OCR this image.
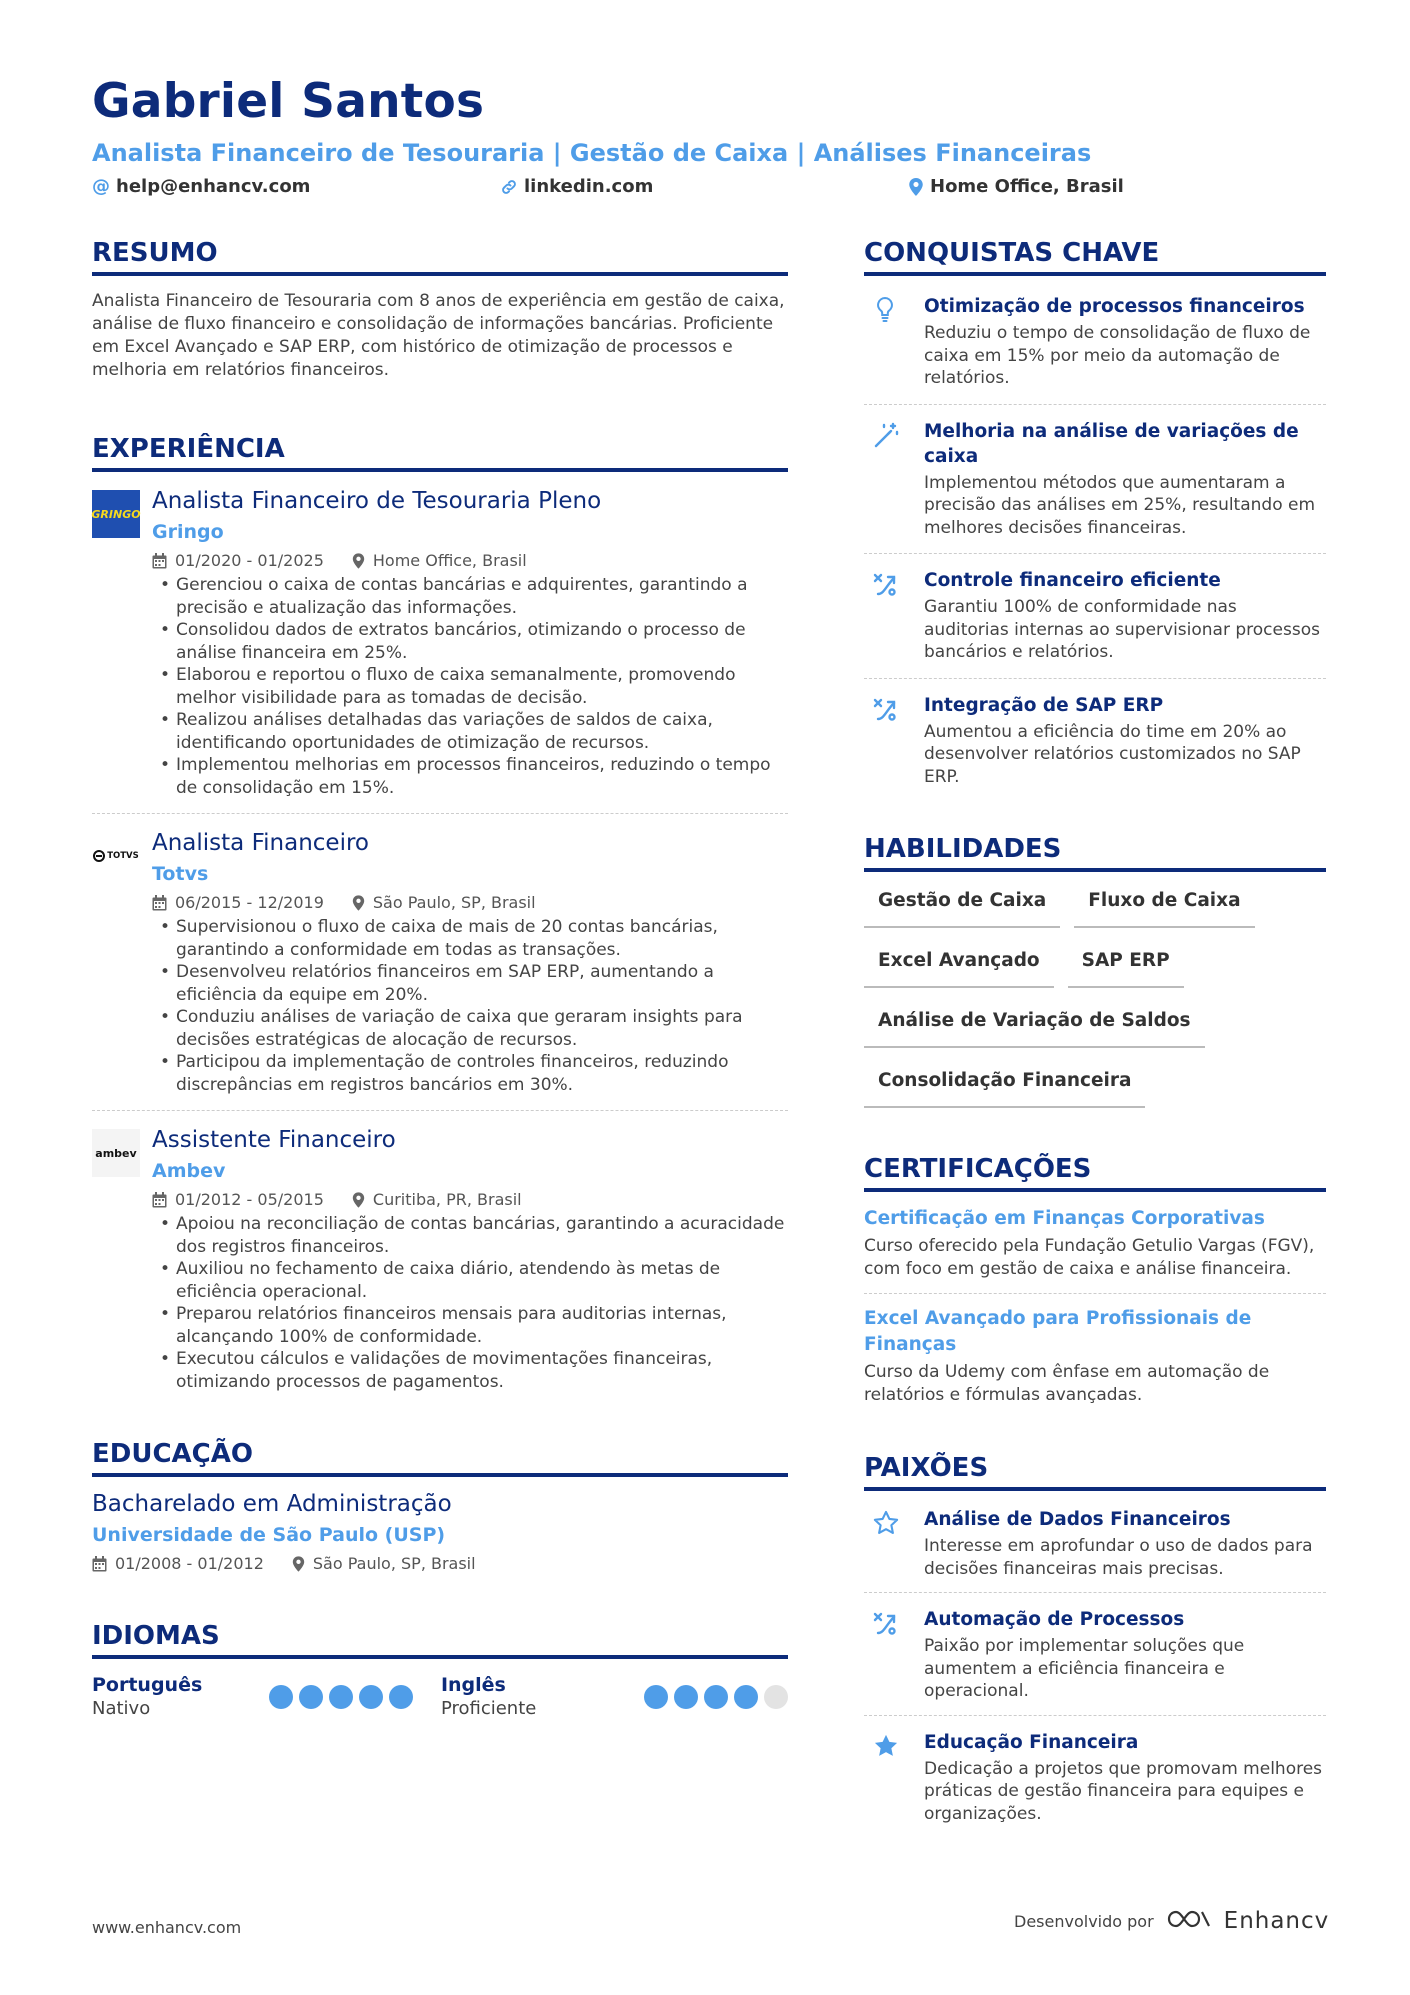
Gabriel Santos
Analista Financeiro de Tesouraria | Gestão de Caixa | Análises Financeiras
@ help@enhancv.com	linkedin.com	Home Office, Brasil
RESUMO
Analista Financeiro de Tesouraria com 8 anos de experiência em gestão de caixa, análise de fluxo financeiro e consolidação de informações bancárias. Proficiente em Excel Avançado e SAP ERP, com histórico de otimização de processos e melhoria em relatórios financeiros.
EXPERIÊNCIA
GRINGO Analista Financeiro de Tesouraria Pleno
Gringo
01/2020 - 01/2025	Home Office, Brasil
• Gerenciou o caixa de contas bancárias e adquirentes, garantindo a precisão e atualização das informações.
• Consolidou dados de extratos bancários, otimizando o processo de análise financeira em 25%.
• Elaborou e reportou o fluxo de caixa semanalmente, promovendo melhor visibilidade para as tomadas de decisão.
• Realizou análises detalhadas das variações de saldos de caixa, identificando oportunidades de otimização de recursos.
• Implementou melhorias em processos financeiros, reduzindo o tempo de consolidação em 15%.
TOTVS Analista Financeiro
Totvs
06/2015 - 12/2019	São Paulo, SP, Brasil
• Supervisionou o fluxo de caixa de mais de 20 contas bancárias, garantindo a conformidade em todas as transações.
• Desenvolveu relatórios financeiros em SAP ERP, aumentando a eficiência da equipe em 20%.
• Conduziu análises de variação de caixa que geraram insights para decisões estratégicas de alocação de recursos.
• Participou da implementação de controles financeiros, reduzindo discrepâncias em registros bancários em 30%.
ambev Assistente Financeiro
Ambev
01/2012 - 05/2015	Curitiba, PR, Brasil
• Apoiou na reconciliação de contas bancárias, garantindo a acuracidade dos registros financeiros.
• Auxiliou no fechamento de caixa diário, atendendo às metas de eficiência operacional.
• Preparou relatórios financeiros mensais para auditorias internas, alcançando 100% de conformidade.
• Executou cálculos e validações de movimentações financeiras, otimizando processos de pagamentos.
EDUCAÇÃO
Bacharelado em Administração
Universidade de São Paulo (USP)
01/2008 - 01/2012	São Paulo, SP, Brasil
IDIOMAS
Português
Nativo
Inglês
Proficiente
CONQUISTAS CHAVE
Otimização de processos financeiros
Reduziu o tempo de consolidação de fluxo de caixa em 15% por meio da automação de relatórios.
Melhoria na análise de variações de caixa
Implementou métodos que aumentaram a precisão das análises em 25%, resultando em melhores decisões financeiras.
Controle financeiro eficiente
Garantiu 100% de conformidade nas auditorias internas ao supervisionar processos bancários e relatórios.
Integração de SAP ERP
Aumentou a eficiência do time em 20% ao desenvolver relatórios customizados no SAP ERP.
HABILIDADES
Gestão de Caixa	Fluxo de Caixa
Excel Avançado	SAP ERP
Análise de Variação de Saldos
Consolidação Financeira
CERTIFICAÇÕES
Certificação em Finanças Corporativas
Curso oferecido pela Fundação Getulio Vargas (FGV), com foco em gestão de caixa e análise financeira.
Excel Avançado para Profissionais de Finanças
Curso da Udemy com ênfase em automação de relatórios e fórmulas avançadas.
PAIXÕES
Análise de Dados Financeiros
Interesse em aprofundar o uso de dados para decisões financeiras mais precisas.
Automação de Processos
Paixão por implementar soluções que aumentem a eficiência financeira e operacional.
Educação Financeira
Dedicação a projetos que promovam melhores práticas de gestão financeira para equipes e organizações.
www.enhancv.com	Desenvolvido por	Enhancv
